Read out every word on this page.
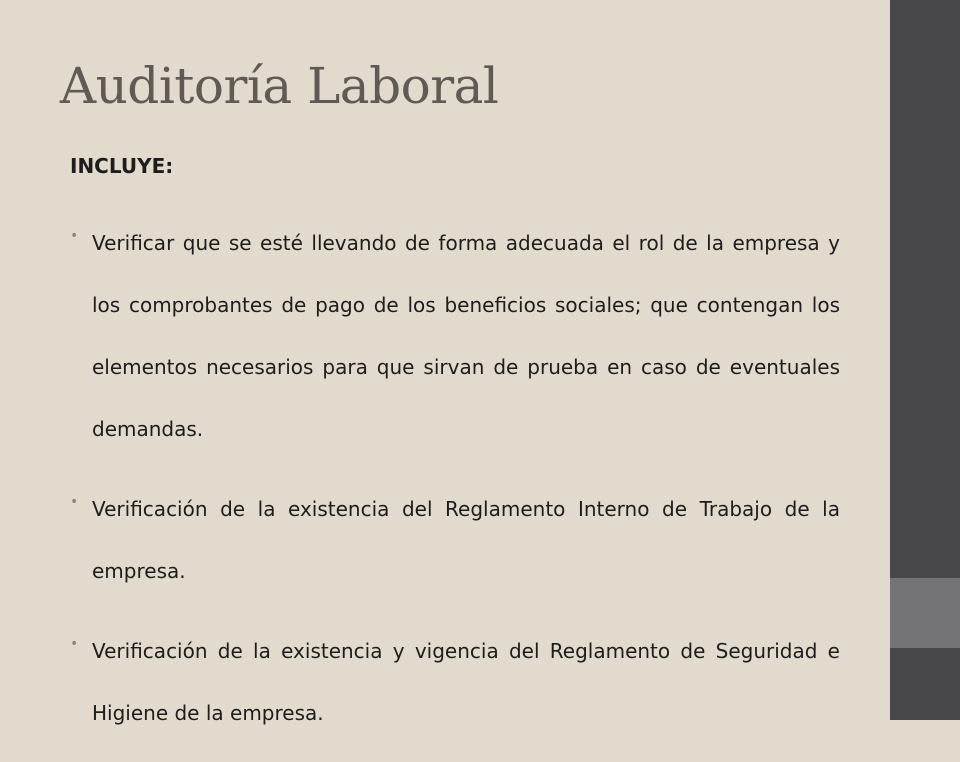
Auditoría Laboral

INCLUYE:

• Verificar que se esté llevando de forma adecuada el rol de la empresa y los comprobantes de pago de los beneficios sociales; que contengan los elementos necesarios para que sirvan de prueba en caso de eventuales demandas.
• Verificación de la existencia del Reglamento Interno de Trabajo de la empresa.
• Verificación de la existencia y vigencia del Reglamento de Seguridad e Higiene de la empresa.
